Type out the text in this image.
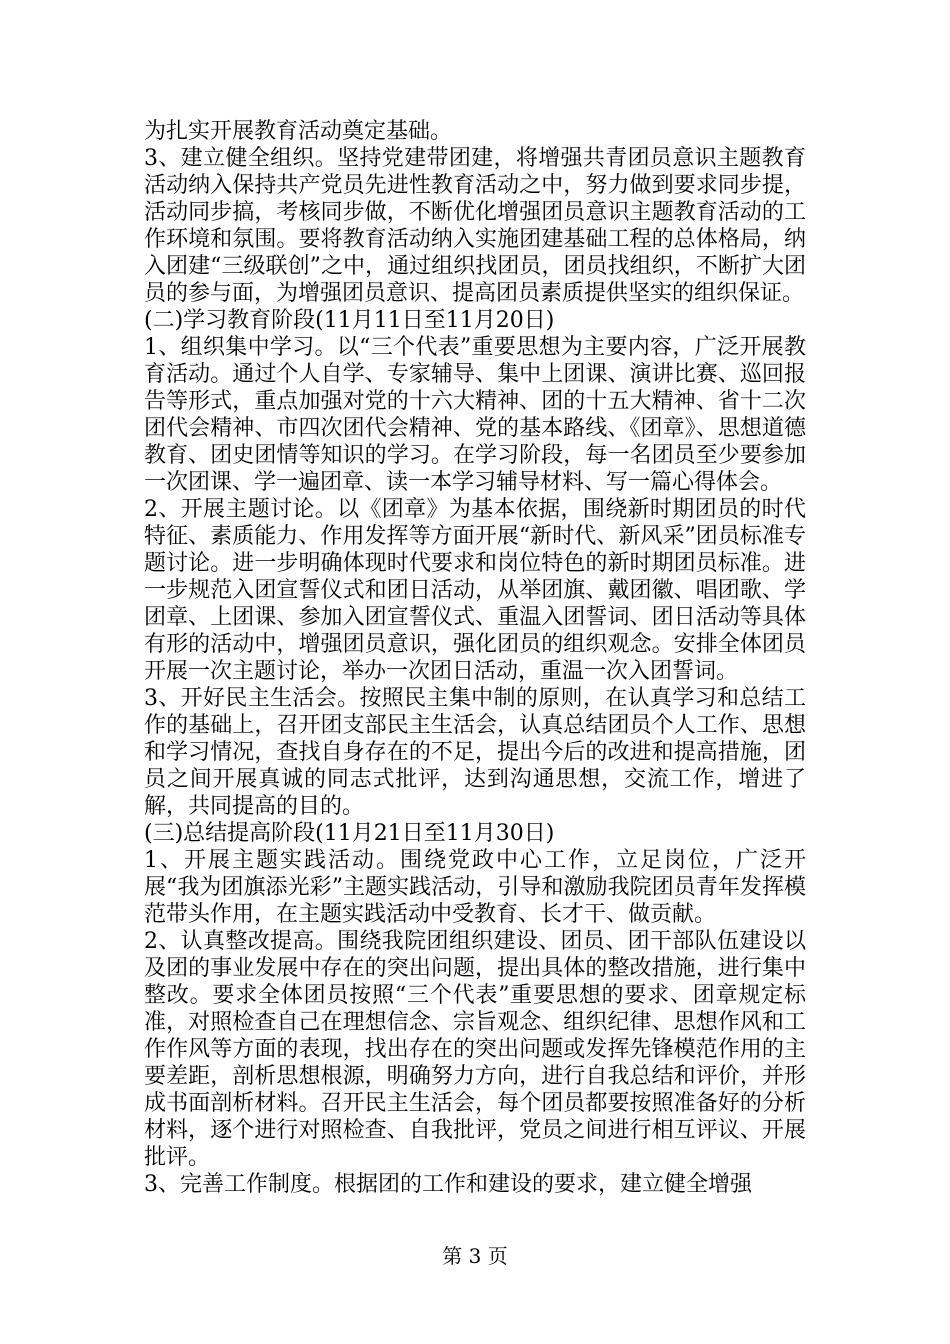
为扎实开展教育活动奠定基础。

3、建立健全组织。坚持党建带团建，将增强共青团员意识主题教育活动纳入保持共产党员先进性教育活动之中，努力做到要求同步提，活动同步搞，考核同步做，不断优化增强团员意识主题教育活动的工作环境和氛围。要将教育活动纳入实施团建基础工程的总体格局，纳入团建“三级联创”之中，通过组织找团员，团员找组织，不断扩大团员的参与面，为增强团员意识、提高团员素质提供坚实的组织保证。

(二)学习教育阶段(11月11日至11月20日)

1、组织集中学习。以“三个代表”重要思想为主要内容，广泛开展教育活动。通过个人自学、专家辅导、集中上团课、演讲比赛、巡回报告等形式，重点加强对党的十六大精神、团的十五大精神、省十二次团代会精神、市四次团代会精神、党的基本路线、《团章》、思想道德教育、团史团情等知识的学习。在学习阶段，每一名团员至少要参加一次团课、学一遍团章、读一本学习辅导材料、写一篇心得体会。

2、开展主题讨论。以《团章》为基本依据，围绕新时期团员的时代特征、素质能力、作用发挥等方面开展“新时代、新风采”团员标准专题讨论。进一步明确体现时代要求和岗位特色的新时期团员标准。进一步规范入团宣誓仪式和团日活动，从举团旗、戴团徽、唱团歌、学团章、上团课、参加入团宣誓仪式、重温入团誓词、团日活动等具体有形的活动中，增强团员意识，强化团员的组织观念。安排全体团员开展一次主题讨论，举办一次团日活动，重温一次入团誓词。

3、开好民主生活会。按照民主集中制的原则，在认真学习和总结工作的基础上，召开团支部民主生活会，认真总结团员个人工作、思想和学习情况，查找自身存在的不足，提出今后的改进和提高措施，团员之间开展真诚的同志式批评，达到沟通思想，交流工作，增进了解，共同提高的目的。

(三)总结提高阶段(11月21日至11月30日)

1、开展主题实践活动。围绕党政中心工作，立足岗位，广泛开展“我为团旗添光彩”主题实践活动，引导和激励我院团员青年发挥模范带头作用，在主题实践活动中受教育、长才干、做贡献。

2、认真整改提高。围绕我院团组织建设、团员、团干部队伍建设以及团的事业发展中存在的突出问题，提出具体的整改措施，进行集中整改。要求全体团员按照“三个代表”重要思想的要求、团章规定标准，对照检查自己在理想信念、宗旨观念、组织纪律、思想作风和工作作风等方面的表现，找出存在的突出问题或发挥先锋模范作用的主要差距，剖析思想根源，明确努力方向，进行自我总结和评价，并形成书面剖析材料。召开民主生活会，每个团员都要按照准备好的分析材料，逐个进行对照检查、自我批评，党员之间进行相互评议、开展批评。

3、完善工作制度。根据团的工作和建设的要求，建立健全增强

第 3 页
